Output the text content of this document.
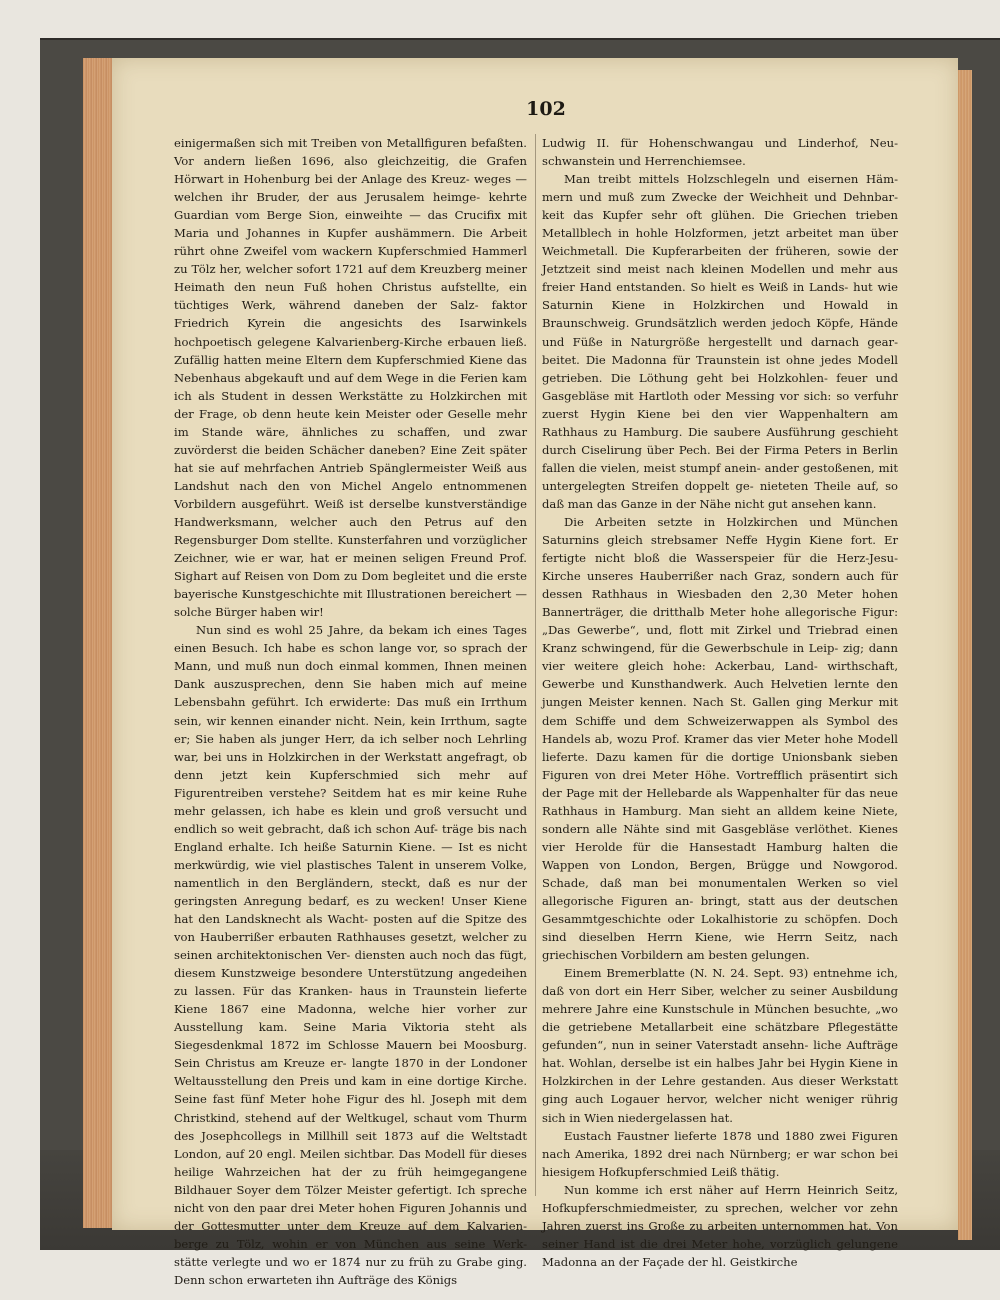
102

einigermaßen sich mit Treiben von Metallfiguren befaßten. Vor andern ließen 1696, also gleichzeitig, die Grafen Hörwart in Hohenburg bei der Anlage des Kreuz- weges —welchen ihr Bruder, der aus Jerusalem heimge- kehrte Guardian vom Berge Sion, einweihte — das Crucifix mit Maria und Johannes in Kupfer aushämmern. Die Arbeit rührt ohne Zweifel vom wackern Kupferschmied Hammerl zu Tölz her, welcher sofort 1721 auf dem Kreuzberg meiner Heimath den neun Fuß hohen Christus aufstellte, ein tüchtiges Werk, während daneben der Salz- faktor Friedrich Kyrein die angesichts des Isarwinkels hochpoetisch gelegene Kalvarienberg-Kirche erbauen ließ. Zufällig hatten meine Eltern dem Kupferschmied Kiene das Nebenhaus abgekauft und auf dem Wege in die Ferien kam ich als Student in dessen Werkstätte zu Holzkirchen mit der Frage, ob denn heute kein Meister oder Geselle mehr im Stande wäre, ähnliches zu schaffen, und zwar zuvörderst die beiden Schächer daneben? Eine Zeit später hat sie auf mehrfachen Antrieb Spänglermeister Weiß aus Landshut nach den von Michel Angelo entnommenen Vorbildern ausgeführt. Weiß ist derselbe kunstverständige Handwerksmann, welcher auch den Petrus auf den Regensburger Dom stellte. Kunsterfahren und vorzüglicher Zeichner, wie er war, hat er meinen seligen Freund Prof. Sighart auf Reisen von Dom zu Dom begleitet und die erste bayerische Kunstgeschichte mit Illustrationen bereichert — solche Bürger haben wir!

Nun sind es wohl 25 Jahre, da bekam ich eines Tages einen Besuch. Ich habe es schon lange vor, so sprach der Mann, und muß nun doch einmal kommen, Ihnen meinen Dank auszusprechen, denn Sie haben mich auf meine Lebensbahn geführt. Ich erwiderte: Das muß ein Irrthum sein, wir kennen einander nicht. Nein, kein Irrthum, sagte er; Sie haben als junger Herr, da ich selber noch Lehrling war, bei uns in Holzkirchen in der Werkstatt angefragt, ob denn jetzt kein Kupferschmied sich mehr auf Figurentreiben verstehe? Seitdem hat es mir keine Ruhe mehr gelassen, ich habe es klein und groß versucht und endlich so weit gebracht, daß ich schon Auf- träge bis nach England erhalte. Ich heiße Saturnin Kiene. — Ist es nicht merkwürdig, wie viel plastisches Talent in unserem Volke, namentlich in den Bergländern, steckt, daß es nur der geringsten Anregung bedarf, es zu wecken! Unser Kiene hat den Landsknecht als Wacht- posten auf die Spitze des von Hauberrißer erbauten Rathhauses gesetzt, welcher zu seinen architektonischen Ver- diensten auch noch das fügt, diesem Kunstzweige besondere Unterstützung angedeihen zu lassen. Für das Kranken- haus in Traunstein lieferte Kiene 1867 eine Madonna, welche hier vorher zur Ausstellung kam. Seine Maria Viktoria steht als Siegesdenkmal 1872 im Schlosse Mauern bei Moosburg. Sein Christus am Kreuze er- langte 1870 in der Londoner Weltausstellung den Preis und kam in eine dortige Kirche. Seine fast fünf Meter hohe Figur des hl. Joseph mit dem Christkind, stehend auf der Weltkugel, schaut vom Thurm des Josephcollegs in Millhill seit 1873 auf die Weltstadt London, auf 20 engl. Meilen sichtbar. Das Modell für dieses heilige Wahrzeichen hat der zu früh heimgegangene Bildhauer Soyer dem Tölzer Meister gefertigt. Ich spreche nicht von den paar drei Meter hohen Figuren Johannis und der Gottesmutter unter dem Kreuze auf dem Kalvarien- berge zu Tölz, wohin er von München aus seine Werk- stätte verlegte und wo er 1874 nur zu früh zu Grabe ging. Denn schon erwarteten ihn Aufträge des Königs

Ludwig II. für Hohenschwangau und Linderhof, Neu- schwanstein und Herrenchiemsee.

Man treibt mittels Holzschlegeln und eisernen Häm- mern und muß zum Zwecke der Weichheit und Dehnbar- keit das Kupfer sehr oft glühen. Die Griechen trieben Metallblech in hohle Holzformen, jetzt arbeitet man über Weichmetall. Die Kupferarbeiten der früheren, sowie der Jetztzeit sind meist nach kleinen Modellen und mehr aus freier Hand entstanden. So hielt es Weiß in Lands- hut wie Saturnin Kiene in Holzkirchen und Howald in Braunschweig. Grundsätzlich werden jedoch Köpfe, Hände und Füße in Naturgröße hergestellt und darnach gear- beitet. Die Madonna für Traunstein ist ohne jedes Modell getrieben. Die Löthung geht bei Holzkohlen- feuer und Gasgebläse mit Hartloth oder Messing vor sich: so verfuhr zuerst Hygin Kiene bei den vier Wappenhaltern am Rathhaus zu Hamburg. Die saubere Ausführung geschieht durch Ciselirung über Pech. Bei der Firma Peters in Berlin fallen die vielen, meist stumpf anein- ander gestoßenen, mit untergelegten Streifen doppelt ge- nieteten Theile auf, so daß man das Ganze in der Nähe nicht gut ansehen kann.

Die Arbeiten setzte in Holzkirchen und München Saturnins gleich strebsamer Neffe Hygin Kiene fort. Er fertigte nicht bloß die Wasserspeier für die Herz-Jesu- Kirche unseres Hauberrißer nach Graz, sondern auch für dessen Rathhaus in Wiesbaden den 2,30 Meter hohen Bannerträger, die dritthalb Meter hohe allegorische Figur: „Das Gewerbe“, und, flott mit Zirkel und Triebrad einen Kranz schwingend, für die Gewerbschule in Leip- zig; dann vier weitere gleich hohe: Ackerbau, Land- wirthschaft, Gewerbe und Kunsthandwerk. Auch Helvetien lernte den jungen Meister kennen. Nach St. Gallen ging Merkur mit dem Schiffe und dem Schweizerwappen als Symbol des Handels ab, wozu Prof. Kramer das vier Meter hohe Modell lieferte. Dazu kamen für die dortige Unionsbank sieben Figuren von drei Meter Höhe. Vortrefflich präsentirt sich der Page mit der Hellebarde als Wappenhalter für das neue Rathhaus in Hamburg. Man sieht an alldem keine Niete, sondern alle Nähte sind mit Gasgebläse verlöthet. Kienes vier Herolde für die Hansestadt Hamburg halten die Wappen von London, Bergen, Brügge und Nowgorod. Schade, daß man bei monumentalen Werken so viel allegorische Figuren an- bringt, statt aus der deutschen Gesammtgeschichte oder Lokalhistorie zu schöpfen. Doch sind dieselben Herrn Kiene, wie Herrn Seitz, nach griechischen Vorbildern am besten gelungen.

Einem Bremerblatte (N. N. 24. Sept. 93) entnehme ich, daß von dort ein Herr Siber, welcher zu seiner Ausbildung mehrere Jahre eine Kunstschule in München besuchte, „wo die getriebene Metallarbeit eine schätzbare Pflegestätte gefunden“, nun in seiner Vaterstadt ansehn- liche Aufträge hat. Wohlan, derselbe ist ein halbes Jahr bei Hygin Kiene in Holzkirchen in der Lehre gestanden. Aus dieser Werkstatt ging auch Logauer hervor, welcher nicht weniger rührig sich in Wien niedergelassen hat.

Eustach Faustner lieferte 1878 und 1880 zwei Figuren nach Amerika, 1892 drei nach Nürnberg; er war schon bei hiesigem Hofkupferschmied Leiß thätig.

Nun komme ich erst näher auf Herrn Heinrich Seitz, Hofkupferschmiedmeister, zu sprechen, welcher vor zehn Jahren zuerst ins Große zu arbeiten unternommen hat. Von seiner Hand ist die drei Meter hohe, vorzüglich gelungene Madonna an der Façade der hl. Geistkirche
